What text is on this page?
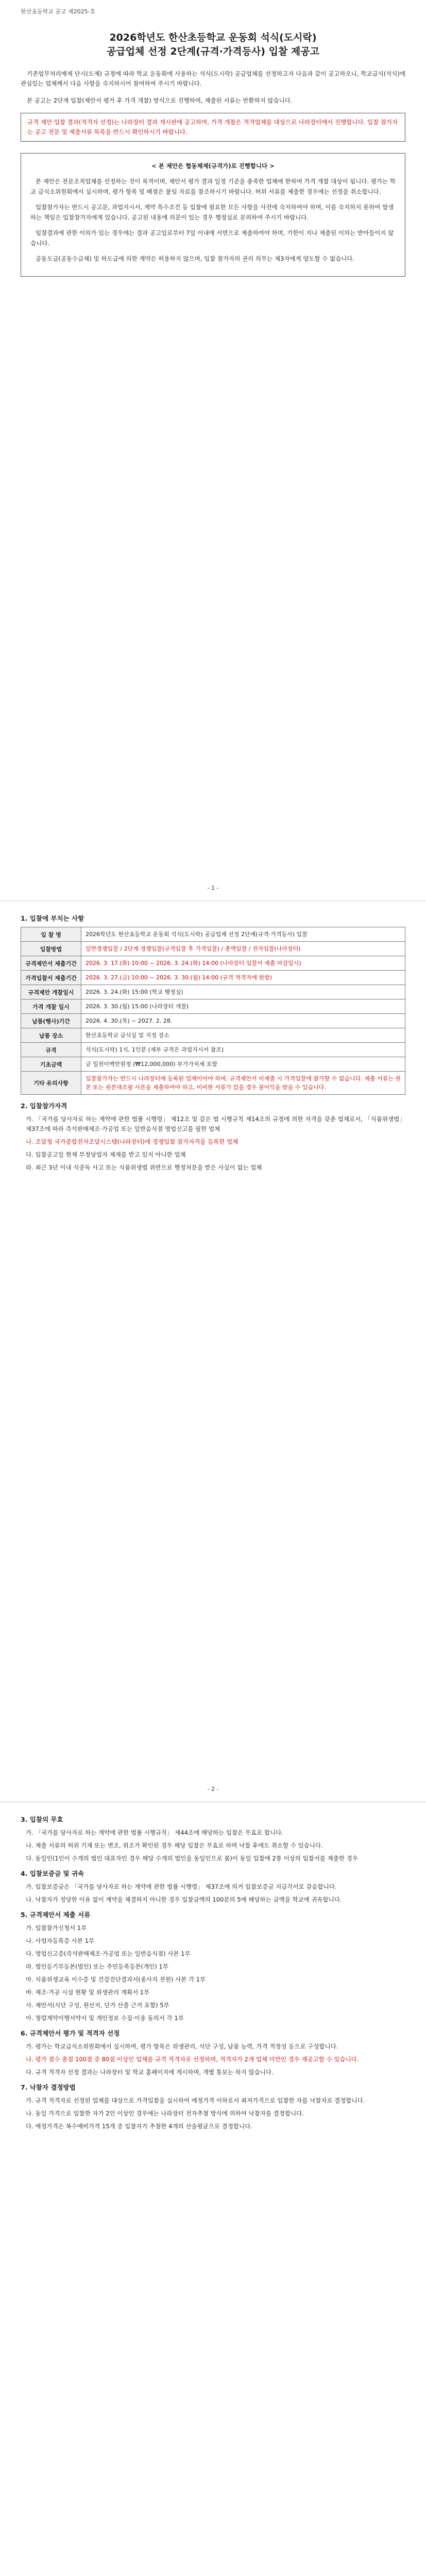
한산초등학교 공고 제2025-호
2026학년도 한산초등학교 운동회 석식(도시락)
공급업체 선정 2단계(규격·가격등사) 입찰 제공고

기존업무처리예제 단시(도제) 규정에 따라 학교 운동회에 사용하는 석식(도시락) 공급업체를 선정하고자 다음과 같이 공고하오니, 학교급식(석식)에 관심있는 업체께서 다음 사항을 숙지하시어 참여하여 주시기 바랍니다.

본 공고는 2단계 입찰(제안서 평가 후 가격 개찰) 방식으로 진행하며, 제출된 서류는 반환하지 않습니다.

규격 제안 입찰 결과(적격자 선정)는 나라장터 결과 게시판에 공고하며, 가격 개찰은 적격업체를 대상으로 나라장터에서 진행합니다. 입찰 참가자는 공고 전문 및 제출서류 목록을 반드시 확인하시기 바랍니다.
< 본 제안은 협동체제(규격가)로 진행합니다 >

본 제안은 전문조직업체를 선정하는 것이 목적이며, 제안서 평가 결과 일정 기준을 충족한 업체에 한하여 가격 개찰 대상이 됩니다. 평가는 학교 급식소위원회에서 실시하며, 평가 항목 및 배점은 붙임 자료를 참조하시기 바랍니다. 허위 서류를 제출한 경우에는 선정을 취소합니다.

입찰참가자는 반드시 공고문, 과업지시서, 계약 특수조건 등 입찰에 필요한 모든 사항을 사전에 숙지하여야 하며, 이를 숙지하지 못하여 발생하는 책임은 입찰참가자에게 있습니다. 공고된 내용에 의문이 있는 경우 행정실로 문의하여 주시기 바랍니다.

입찰결과에 관한 이의가 있는 경우에는 결과 공고일로부터 7일 이내에 서면으로 제출하여야 하며, 기한이 지나 제출된 이의는 받아들이지 않습니다.

공동도급(공동수급체) 및 하도급에 의한 계약은 허용하지 않으며, 입찰 참가자의 권리 의무는 제3자에게 양도할 수 없습니다.

- 1 -
1. 입찰에 부치는 사항
입 찰 명	2026학년도 한산초등학교 운동회 석식(도시락) 공급업체 선정 2단계(규격·가격등사) 입찰
입찰방법	일반경쟁입찰 / 2단계 경쟁입찰(규격입찰 후 가격입찰) / 총액입찰 / 전자입찰(나라장터)
규격제안서 제출기간	2026. 3. 17.(화) 10:00 ~ 2026. 3. 24.(화) 14:00 (나라장터 입찰서 제출 마감일시)
가격입찰서 제출기간	2026. 3. 27.(금) 10:00 ~ 2026. 3. 30.(월) 14:00 (규격 적격자에 한함)
규격제안 개찰일시	2026. 3. 24.(화) 15:00 (학교 행정실)
가격 개찰 일시	2026. 3. 30.(월) 15:00 (나라장터 개찰)
납품(행사)기간	2026. 4. 30.(목) ~ 2027. 2. 28.
납품 장소	한산초등학교 급식실 및 지정 장소
규격	석식(도시락) 1식, 1인분 (세부 규격은 과업지시서 참조)
기초금액	금 일천이백만원정 (₩12,000,000) 부가가치세 포함
기타 유의사항	입찰참가자는 반드시 나라장터에 등록된 업체이어야 하며, 규격제안서 미제출 시 가격입찰에 참가할 수 없습니다. 제출 서류는 원본 또는 원본대조필 사본을 제출하여야 하고, 미비한 서류가 있을 경우 불이익을 받을 수 있습니다.
2. 입찰참가자격
가. 「국가를 당사자로 하는 계약에 관한 법률 시행령」 제12조 및 같은 법 시행규칙 제14조의 규정에 의한 자격을 갖춘 업체로서, 「식품위생법」 제37조에 따라 즉석판매제조·가공업 또는 일반음식점 영업신고를 필한 업체
나. 조달청 국가종합전자조달시스템(나라장터)에 경쟁입찰 참가자격을 등록한 업체
다. 입찰공고일 현재 부정당업자 제재를 받고 있지 아니한 업체
라. 최근 3년 이내 식중독 사고 또는 식품위생법 위반으로 행정처분을 받은 사실이 없는 업체
- 2 -
3. 입찰의 무효
가. 「국가를 당사자로 하는 계약에 관한 법률 시행규칙」 제44조에 해당하는 입찰은 무효로 합니다.
나. 제출 서류의 허위 기재 또는 변조, 위조가 확인된 경우 해당 입찰은 무효로 하며 낙찰 후에도 취소할 수 있습니다.
다. 동일인(1인이 수개의 법인 대표자인 경우 해당 수개의 법인을 동일인으로 봄)이 동일 입찰에 2통 이상의 입찰서를 제출한 경우
4. 입찰보증금 및 귀속
가. 입찰보증금은 「국가를 당사자로 하는 계약에 관한 법률 시행령」 제37조에 의거 입찰보증금 지급각서로 갈음합니다.
나. 낙찰자가 정당한 이유 없이 계약을 체결하지 아니한 경우 입찰금액의 100분의 5에 해당하는 금액을 학교에 귀속합니다.
5. 규격제안서 제출 서류
가. 입찰참가신청서 1부
나. 사업자등록증 사본 1부
다. 영업신고증(즉석판매제조·가공업 또는 일반음식점) 사본 1부
라. 법인등기부등본(법인) 또는 주민등록등본(개인) 1부
마. 식품위생교육 이수증 및 건강진단결과서(종사자 전원) 사본 각 1부
바. 제조·가공 시설 현황 및 위생관리 계획서 1부
사. 제안서(식단 구성, 원산지, 단가 산출 근거 포함) 5부
아. 청렴계약이행서약서 및 개인정보 수집·이용 동의서 각 1부
6. 규격제안서 평가 및 적격자 선정
가. 평가는 학교급식소위원회에서 실시하며, 평가 항목은 위생관리, 식단 구성, 납품 능력, 가격 적정성 등으로 구성합니다.
나. 평가 점수 총점 100점 중 80점 이상인 업체를 규격 적격자로 선정하며, 적격자가 2개 업체 미만인 경우 재공고할 수 있습니다.
다. 규격 적격자 선정 결과는 나라장터 및 학교 홈페이지에 게시하며, 개별 통보는 하지 않습니다.
7. 낙찰자 결정방법
가. 규격 적격자로 선정된 업체를 대상으로 가격입찰을 실시하여 예정가격 이하로서 최저가격으로 입찰한 자를 낙찰자로 결정합니다.
나. 동일 가격으로 입찰한 자가 2인 이상인 경우에는 나라장터 전자추첨 방식에 의하여 낙찰자를 결정합니다.
다. 예정가격은 복수예비가격 15개 중 입찰자가 추첨한 4개의 산술평균으로 결정합니다.
